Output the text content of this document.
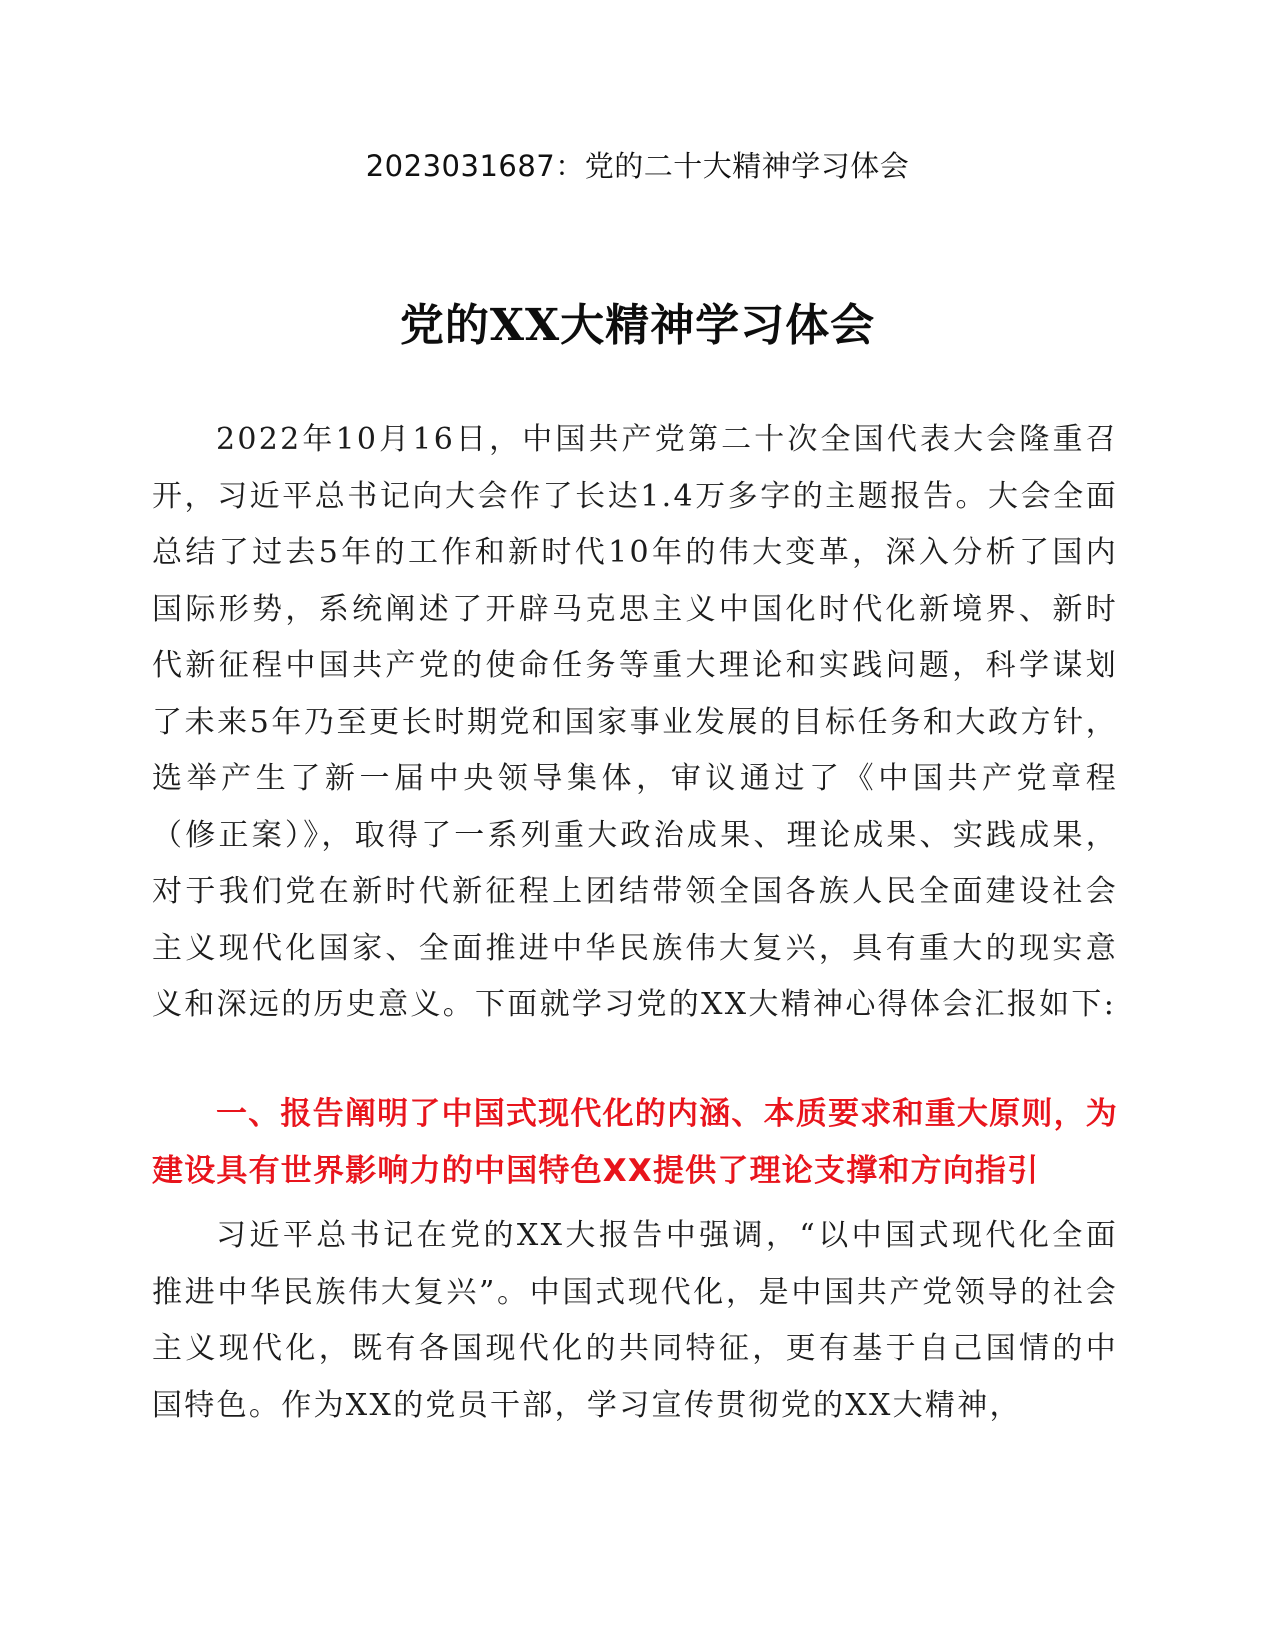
2023031687：党的二十大精神学习体会
党的XX大精神学习体会

2022年10月16日，中国共产党第二十次全国代表大会隆重召开，习近平总书记向大会作了长达1.4万多字的主题报告。大会全面总结了过去5年的工作和新时代10年的伟大变革，深入分析了国内国际形势，系统阐述了开辟马克思主义中国化时代化新境界、新时代新征程中国共产党的使命任务等重大理论和实践问题，科学谋划了未来5年乃至更长时期党和国家事业发展的目标任务和大政方针，选举产生了新一届中央领导集体，审议通过了《中国共产党章程（修正案）》，取得了一系列重大政治成果、理论成果、实践成果，对于我们党在新时代新征程上团结带领全国各族人民全面建设社会主义现代化国家、全面推进中华民族伟大复兴，具有重大的现实意义和深远的历史意义。下面就学习党的XX大精神心得体会汇报如下:

一、报告阐明了中国式现代化的内涵、本质要求和重大原则，为建设具有世界影响力的中国特色XX提供了理论支撑和方向指引

习近平总书记在党的XX大报告中强调，“以中国式现代化全面推进中华民族伟大复兴”。中国式现代化，是中国共产党领导的社会主义现代化，既有各国现代化的共同特征，更有基于自己国情的中国特色。作为XX的党员干部，学习宣传贯彻党的XX大精神，
